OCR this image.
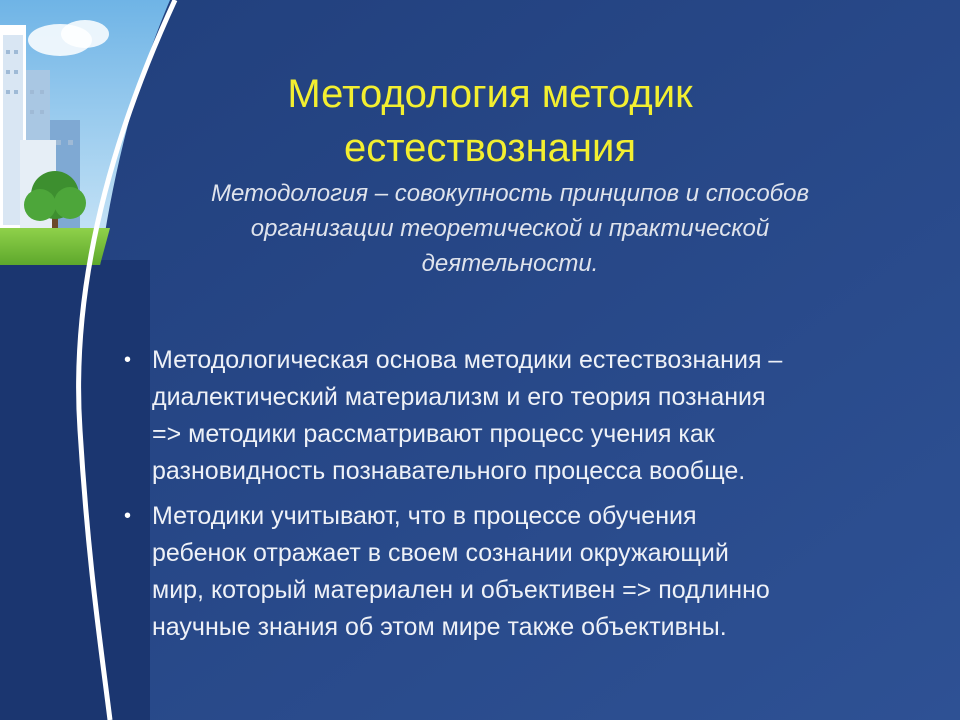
Методология методик
естествознания
Методология – совокупность принципов и способов
организации теоретической и практической
деятельности.
• Методологическая основа методики естествознания –
диалектический материализм и его теория познания
=> методики рассматривают процесс учения как
разновидность познавательного процесса вообще.
• Методики учитывают, что в процессе обучения
ребенок отражает в своем сознании окружающий
мир, который материален и объективен => подлинно
научные знания об этом мире также объективны.
